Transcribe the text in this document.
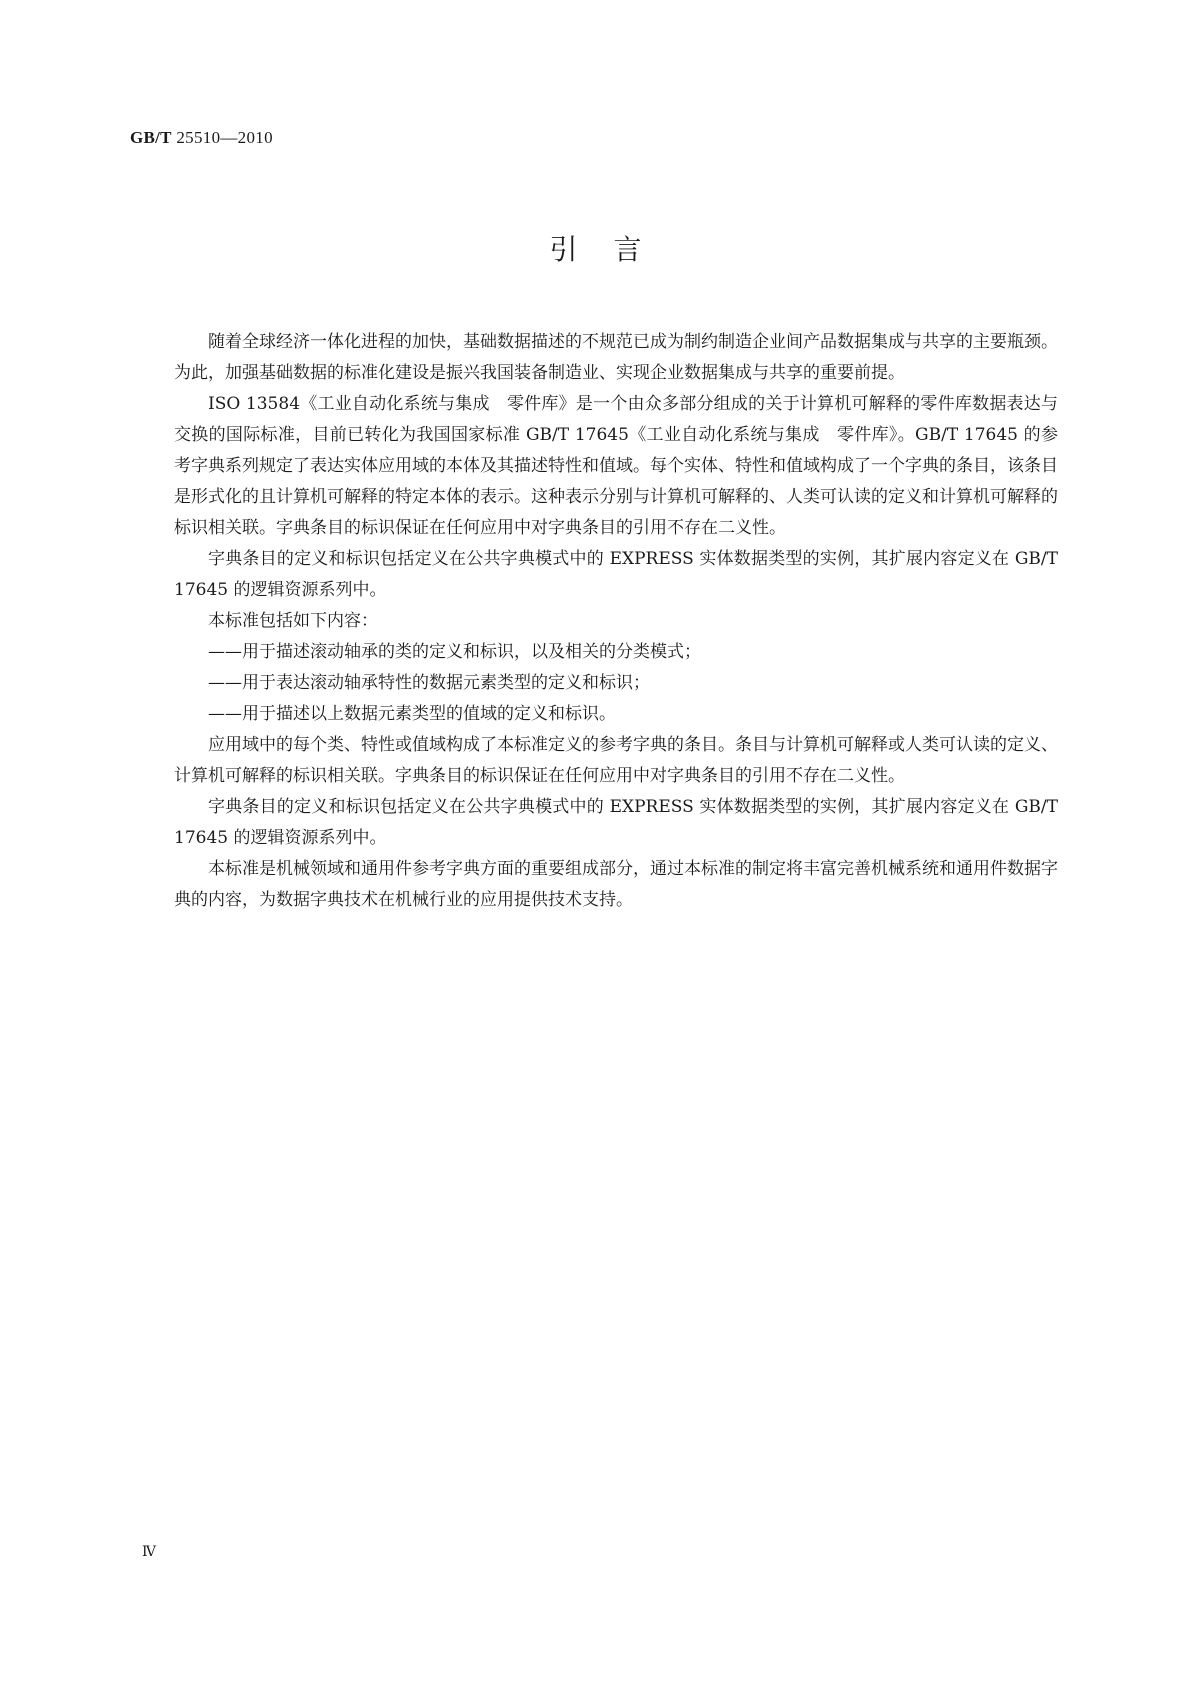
GB/T 25510—2010
引言

随着全球经济一体化进程的加快，基础数据描述的不规范已成为制约制造企业间产品数据集成与共享的主要瓶颈。为此，加强基础数据的标准化建设是振兴我国装备制造业、实现企业数据集成与共享的重要前提。

ISO 13584《工业自动化系统与集成　零件库》是一个由众多部分组成的关于计算机可解释的零件库数据表达与交换的国际标准，目前已转化为我国国家标准 GB/T 17645《工业自动化系统与集成　零件库》。GB/T 17645 的参考字典系列规定了表达实体应用域的本体及其描述特性和值域。每个实体、特性和值域构成了一个字典的条目，该条目是形式化的且计算机可解释的特定本体的表示。这种表示分别与计算机可解释的、人类可认读的定义和计算机可解释的标识相关联。字典条目的标识保证在任何应用中对字典条目的引用不存在二义性。

字典条目的定义和标识包括定义在公共字典模式中的 EXPRESS 实体数据类型的实例，其扩展内容定义在 GB/T 17645 的逻辑资源系列中。

本标准包括如下内容：

——用于描述滚动轴承的类的定义和标识，以及相关的分类模式；

——用于表达滚动轴承特性的数据元素类型的定义和标识；

——用于描述以上数据元素类型的值域的定义和标识。

应用域中的每个类、特性或值域构成了本标准定义的参考字典的条目。条目与计算机可解释或人类可认读的定义、计算机可解释的标识相关联。字典条目的标识保证在任何应用中对字典条目的引用不存在二义性。

字典条目的定义和标识包括定义在公共字典模式中的 EXPRESS 实体数据类型的实例，其扩展内容定义在 GB/T 17645 的逻辑资源系列中。

本标准是机械领域和通用件参考字典方面的重要组成部分，通过本标准的制定将丰富完善机械系统和通用件数据字典的内容，为数据字典技术在机械行业的应用提供技术支持。

Ⅳ
